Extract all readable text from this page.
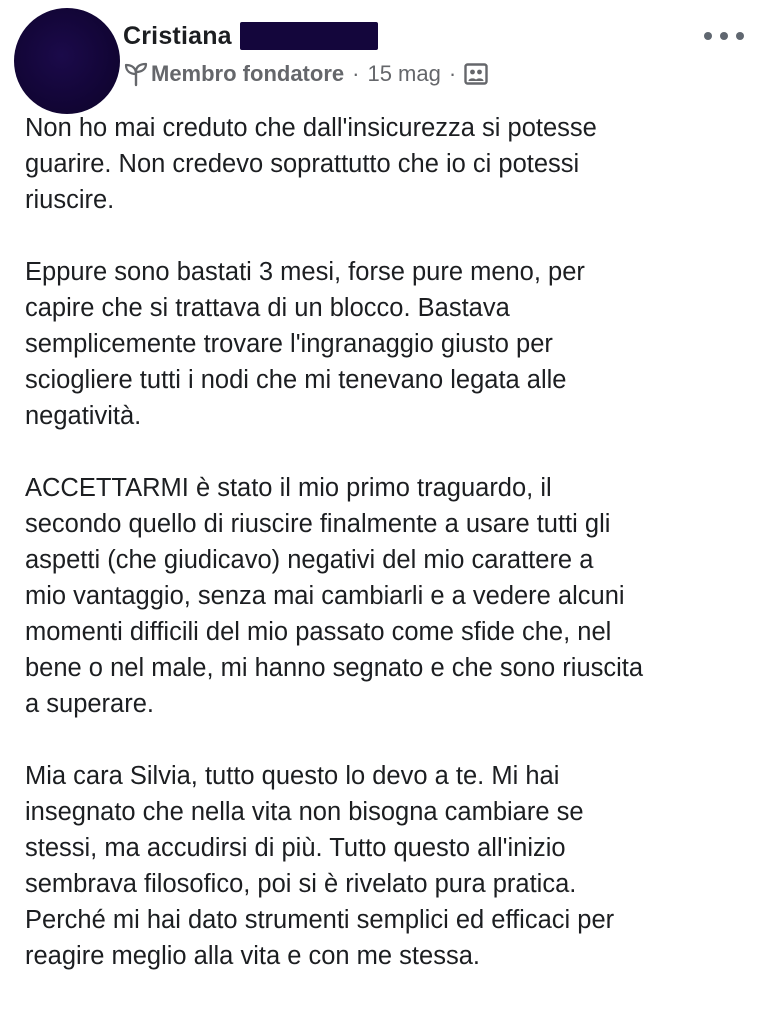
Cristiana
Membro fondatore · 15 mag ·

Non ho mai creduto che dall'insicurezza si potesse
guarire. Non credevo soprattutto che io ci potessi
riuscire.

Eppure sono bastati 3 mesi, forse pure meno, per
capire che si trattava di un blocco. Bastava
semplicemente trovare l'ingranaggio giusto per
sciogliere tutti i nodi che mi tenevano legata alle
negatività.

ACCETTARMI è stato il mio primo traguardo, il
secondo quello di riuscire finalmente a usare tutti gli
aspetti (che giudicavo) negativi del mio carattere a
mio vantaggio, senza mai cambiarli e a vedere alcuni
momenti difficili del mio passato come sfide che, nel
bene o nel male, mi hanno segnato e che sono riuscita
a superare.

Mia cara Silvia, tutto questo lo devo a te. Mi hai
insegnato che nella vita non bisogna cambiare se
stessi, ma accudirsi di più. Tutto questo all'inizio
sembrava filosofico, poi si è rivelato pura pratica.
Perché mi hai dato strumenti semplici ed efficaci per
reagire meglio alla vita e con me stessa.
